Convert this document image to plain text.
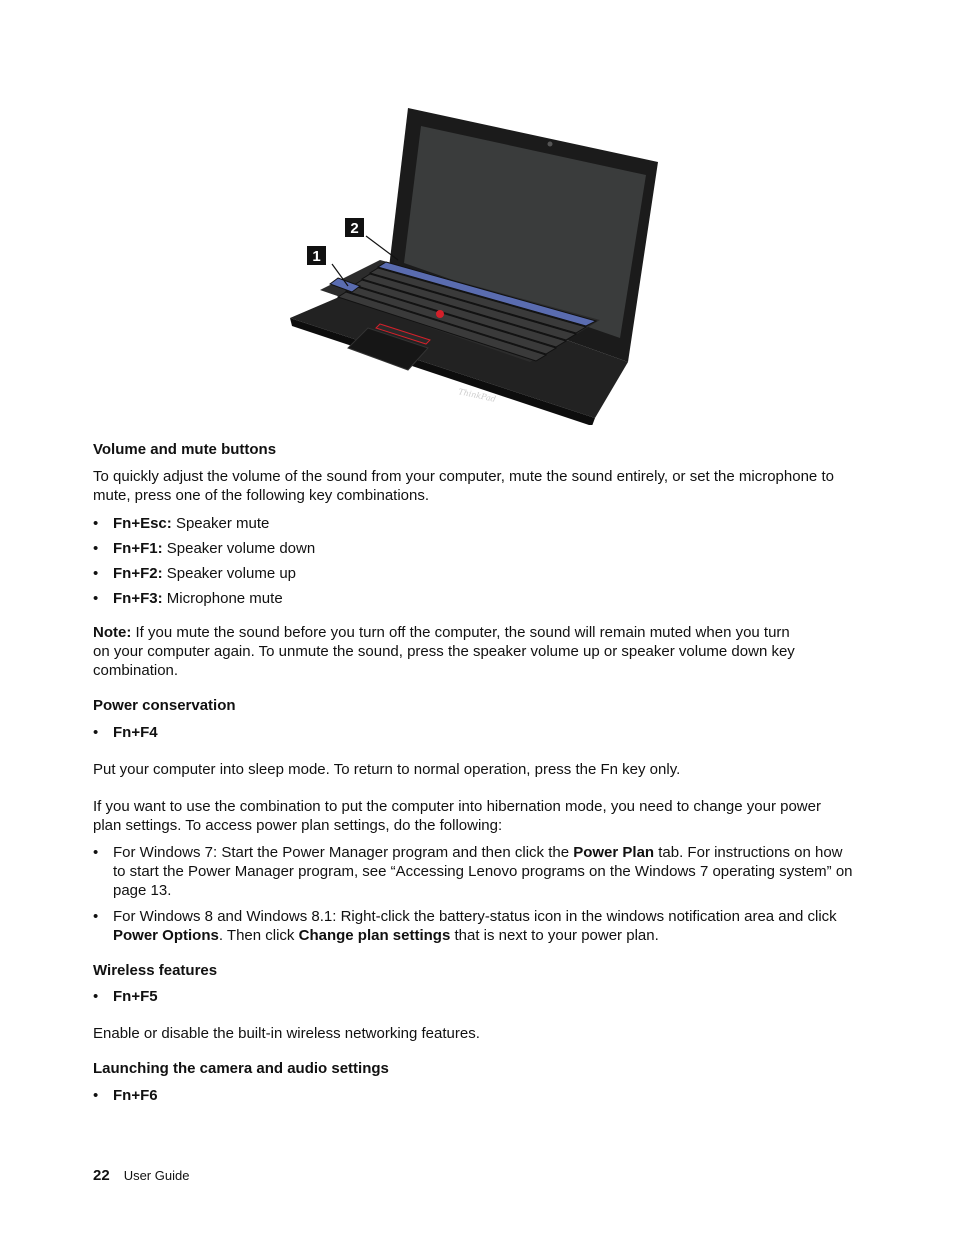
ThinkPad
1
2
Volume and mute buttons

To quickly adjust the volume of the sound from your computer, mute the sound entirely, or set the microphone to mute, press one of the following key combinations.

• Fn+Esc: Speaker mute
• Fn+F1: Speaker volume down
• Fn+F2: Speaker volume up
• Fn+F3: Microphone mute

Note: If you mute the sound before you turn off the computer, the sound will remain muted when you turn on your computer again. To unmute the sound, press the speaker volume up or speaker volume down key combination.

Power conservation
• Fn+F4

Put your computer into sleep mode. To return to normal operation, press the Fn key only.

If you want to use the combination to put the computer into hibernation mode, you need to change your power plan settings. To access power plan settings, do the following:

• For Windows 7: Start the Power Manager program and then click the Power Plan tab. For instructions on how to start the Power Manager program, see “Accessing Lenovo programs on the Windows 7 operating system” on page 13.
• For Windows 8 and Windows 8.1: Right-click the battery-status icon in the windows notification area and click Power Options. Then click Change plan settings that is next to your power plan.
Wireless features
• Fn+F5

Enable or disable the built-in wireless networking features.

Launching the camera and audio settings
• Fn+F6
22 User Guide
